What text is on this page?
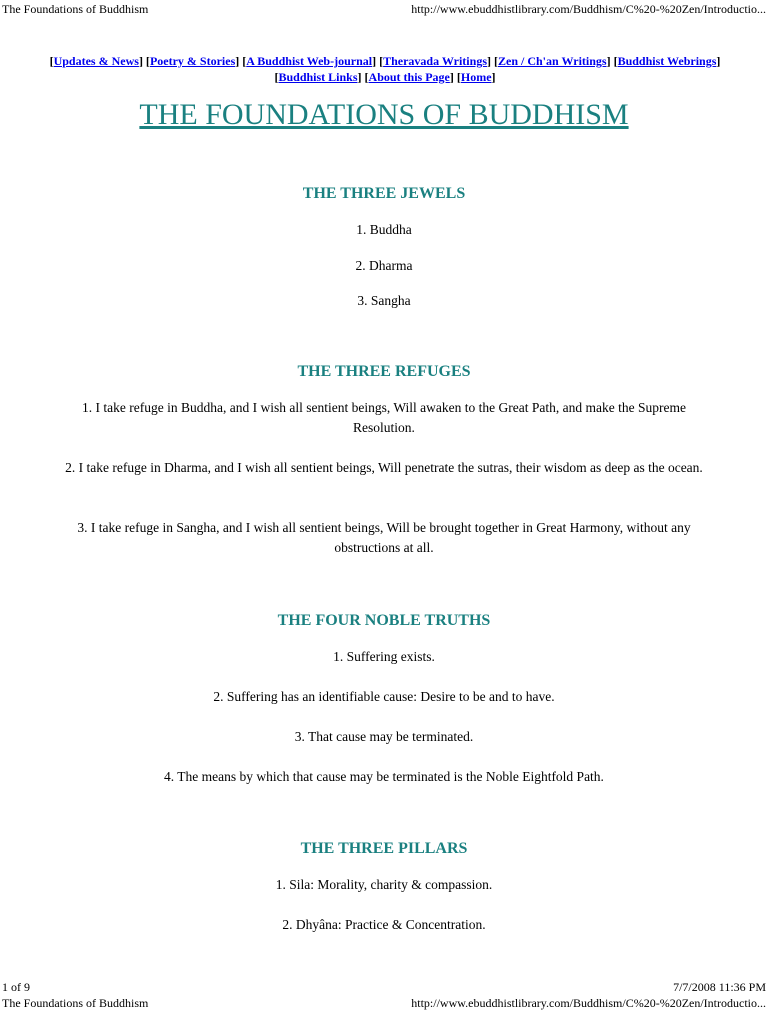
The Foundations of Buddhism	http://www.ebuddhistlibrary.com/Buddhism/C%20-%20Zen/Introductio...
[Updates & News] [Poetry & Stories] [A Buddhist Web-journal] [Theravada Writings] [Zen / Ch'an Writings] [Buddhist Webrings] [Buddhist Links] [About this Page] [Home]
THE FOUNDATIONS OF BUDDHISM
THE THREE JEWELS

1. Buddha

2. Dharma

3. Sangha

THE THREE REFUGES

1. I take refuge in Buddha, and I wish all sentient beings, Will awaken to the Great Path, and make the Supreme Resolution.

2. I take refuge in Dharma, and I wish all sentient beings, Will penetrate the sutras, their wisdom as deep as the ocean.

3. I take refuge in Sangha, and I wish all sentient beings, Will be brought together in Great Harmony, without any obstructions at all.

THE FOUR NOBLE TRUTHS

1. Suffering exists.

2. Suffering has an identifiable cause: Desire to be and to have.

3. That cause may be terminated.

4. The means by which that cause may be terminated is the Noble Eightfold Path.

THE THREE PILLARS

1. Sila: Morality, charity & compassion.

2. Dhyâna: Practice & Concentration.

1 of 9	7/7/2008 11:36 PM
The Foundations of Buddhism	http://www.ebuddhistlibrary.com/Buddhism/C%20-%20Zen/Introductio...
